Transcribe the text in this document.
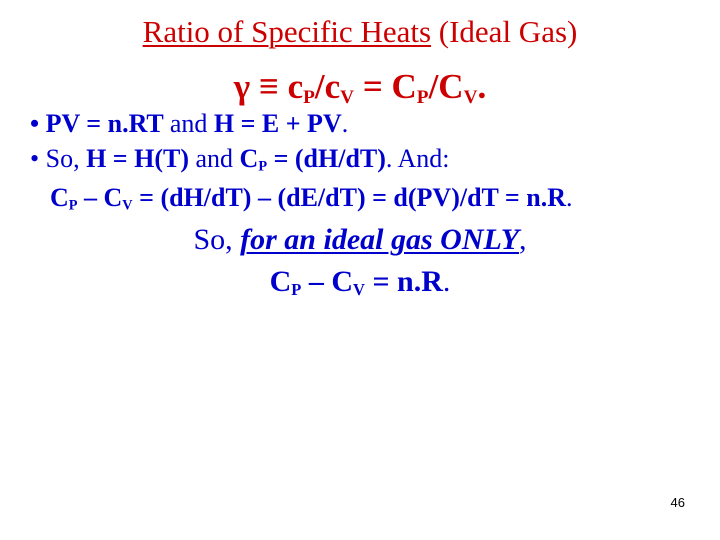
Ratio of Specific Heats (Ideal Gas)
$\gamma \equiv c_P/c_V = C_P/C_V$.
• PV = n.RT and H = E + PV.
• So, H = H(T) and $C_P = (dH/dT)$. And:
$C_P - C_V = (dH/dT) - (dE/dT) = d(PV)/dT = n.R$.
So, for an ideal gas ONLY,
$C_P - C_V = n.R$.
46
